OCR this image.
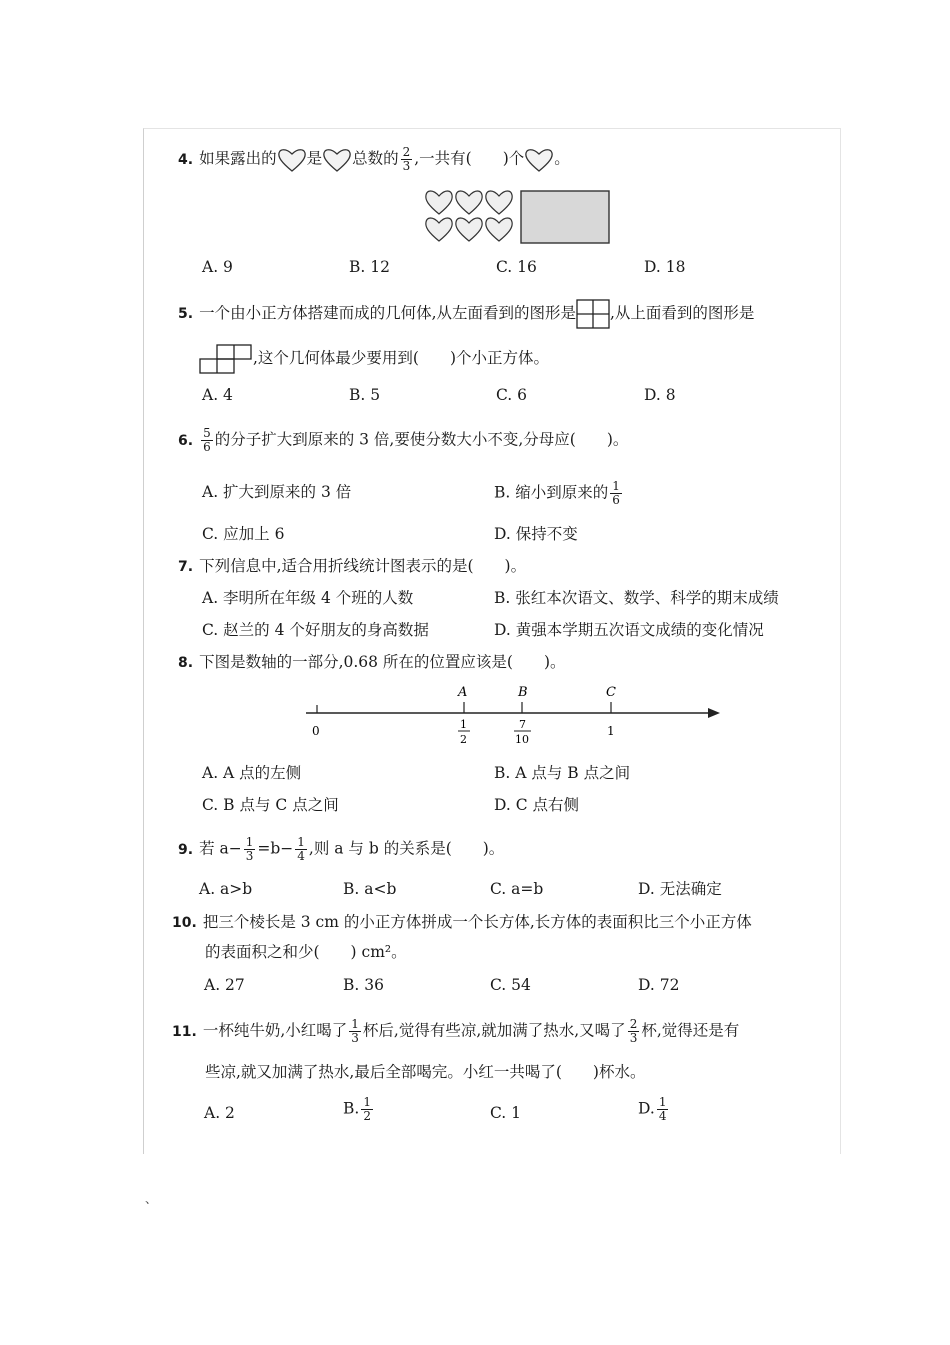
4. 如果露出的 是 总数的 $\frac{2}{3}$ ,一共有(　　)个 。
A. 9	B. 12	C. 16	D. 18
5. 一个由小正方体搭建而成的几何体,从左面看到的图形是 ,从上面看到的图形是
,这个几何体最少要用到(　　)个小正方体。
A. 4	B. 5	C. 6	D. 8
6. $\frac{5}{6}$ 的分子扩大到原来的 3 倍,要使分数大小不变,分母应(　　)。
A. 扩大到原来的 3 倍	B. 缩小到原来的 $\frac{1}{6}$
C. 应加上 6	D. 保持不变
7. 下列信息中,适合用折线统计图表示的是(　　)。
A. 李明所在年级 4 个班的人数	B. 张红本次语文、数学、科学的期末成绩
C. 赵兰的 4 个好朋友的身高数据	D. 黄强本学期五次语文成绩的变化情况
8. 下图是数轴的一部分,0.68 所在的位置应该是(　　)。
A	B	C
0	1
2
7
10
1
A. A 点的左侧	B. A 点与 B 点之间
C. B 点与 C 点之间	D. C 点右侧
9. 若 $a- \frac{1}{3} =b- \frac{1}{4}$ ,则 a 与 b 的关系是(　　)。
A. a>b	B. a<b	C. a=b	D. 无法确定
10. 把三个棱长是 3 cm 的小正方体拼成一个长方体,长方体的表面积比三个小正方体
的表面积之和少(　　) cm²。
A. 27	B. 36	C. 54	D. 72
11. 一杯纯牛奶,小红喝了 $\frac{1}{3}$ 杯后,觉得有些凉,就加满了热水,又喝了 $\frac{2}{3}$ 杯,觉得还是有
些凉,就又加满了热水,最后全部喝完。小红一共喝了(　　)杯水。
A. 2	B. $\frac{1}{2}$	C. 1	D. $\frac{1}{4}$
、
